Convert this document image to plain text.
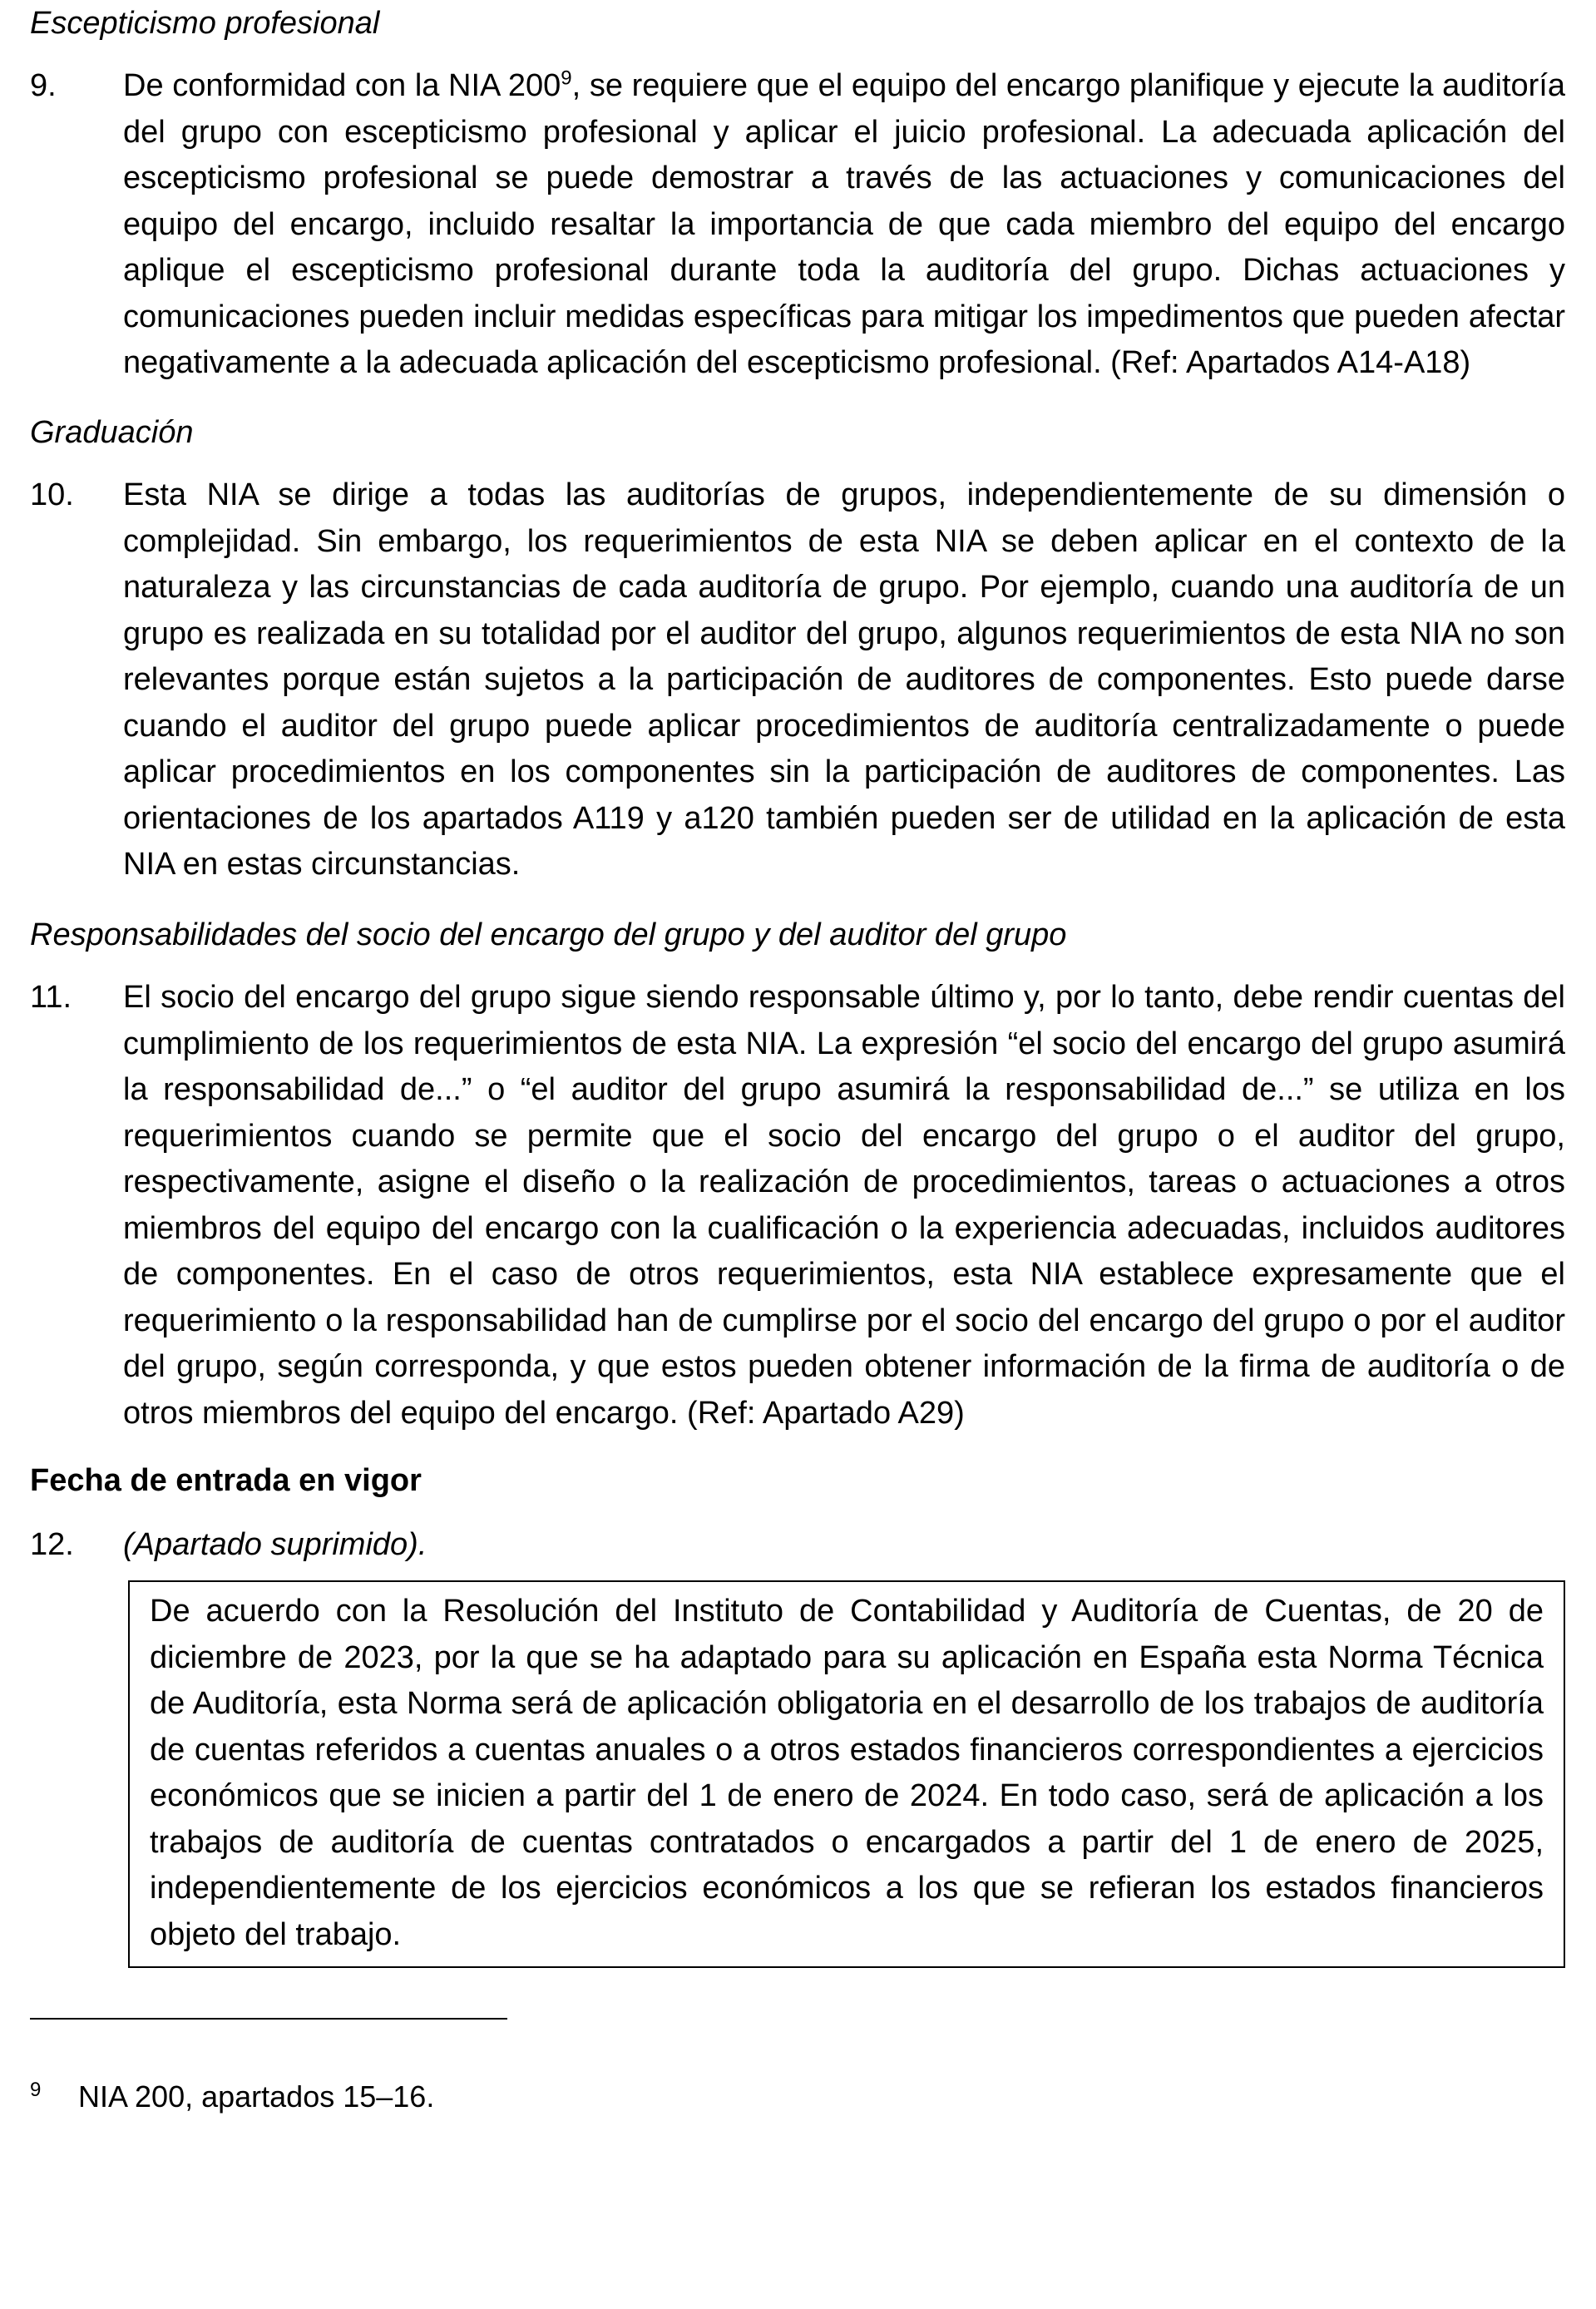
Escepticismo profesional

9.	De conformidad con la NIA $200^9$, se requiere que el equipo del encargo planifique y ejecute la auditoría del grupo con escepticismo profesional y aplicar el juicio profesional. La adecuada aplicación del escepticismo profesional se puede demostrar a través de las actuaciones y comunicaciones del equipo del encargo, incluido resaltar la importancia de que cada miembro del equipo del encargo aplique el escepticismo profesional durante toda la auditoría del grupo. Dichas actuaciones y comunicaciones pueden incluir medidas específicas para mitigar los impedimentos que pueden afectar negativamente a la adecuada aplicación del escepticismo profesional. (Ref: Apartados A14-A18)

Graduación

10.	Esta NIA se dirige a todas las auditorías de grupos, independientemente de su dimensión o complejidad. Sin embargo, los requerimientos de esta NIA se deben aplicar en el contexto de la naturaleza y las circunstancias de cada auditoría de grupo. Por ejemplo, cuando una auditoría de un grupo es realizada en su totalidad por el auditor del grupo, algunos requerimientos de esta NIA no son relevantes porque están sujetos a la participación de auditores de componentes. Esto puede darse cuando el auditor del grupo puede aplicar procedimientos de auditoría centralizadamente o puede aplicar procedimientos en los componentes sin la participación de auditores de componentes. Las orientaciones de los apartados A119 y a120 también pueden ser de utilidad en la aplicación de esta NIA en estas circunstancias.

Responsabilidades del socio del encargo del grupo y del auditor del grupo

11.	El socio del encargo del grupo sigue siendo responsable último y, por lo tanto, debe rendir cuentas del cumplimiento de los requerimientos de esta NIA. La expresión “el socio del encargo del grupo asumirá la responsabilidad de...” o “el auditor del grupo asumirá la responsabilidad de...” se utiliza en los requerimientos cuando se permite que el socio del encargo del grupo o el auditor del grupo, respectivamente, asigne el diseño o la realización de procedimientos, tareas o actuaciones a otros miembros del equipo del encargo con la cualificación o la experiencia adecuadas, incluidos auditores de componentes. En el caso de otros requerimientos, esta NIA establece expresamente que el requerimiento o la responsabilidad han de cumplirse por el socio del encargo del grupo o por el auditor del grupo, según corresponda, y que estos pueden obtener información de la firma de auditoría o de otros miembros del equipo del encargo. (Ref: Apartado A29)

Fecha de entrada en vigor

12.	(Apartado suprimido).
De acuerdo con la Resolución del Instituto de Contabilidad y Auditoría de Cuentas, de 20 de diciembre de 2023, por la que se ha adaptado para su aplicación en España esta Norma Técnica de Auditoría, esta Norma será de aplicación obligatoria en el desarrollo de los trabajos de auditoría de cuentas referidos a cuentas anuales o a otros estados financieros correspondientes a ejercicios económicos que se inicien a partir del 1 de enero de 2024. En todo caso, será de aplicación a los trabajos de auditoría de cuentas contratados o encargados a partir del 1 de enero de 2025, independientemente de los ejercicios económicos a los que se refieran los estados financieros objeto del trabajo.
9	NIA 200, apartados 15–16.
